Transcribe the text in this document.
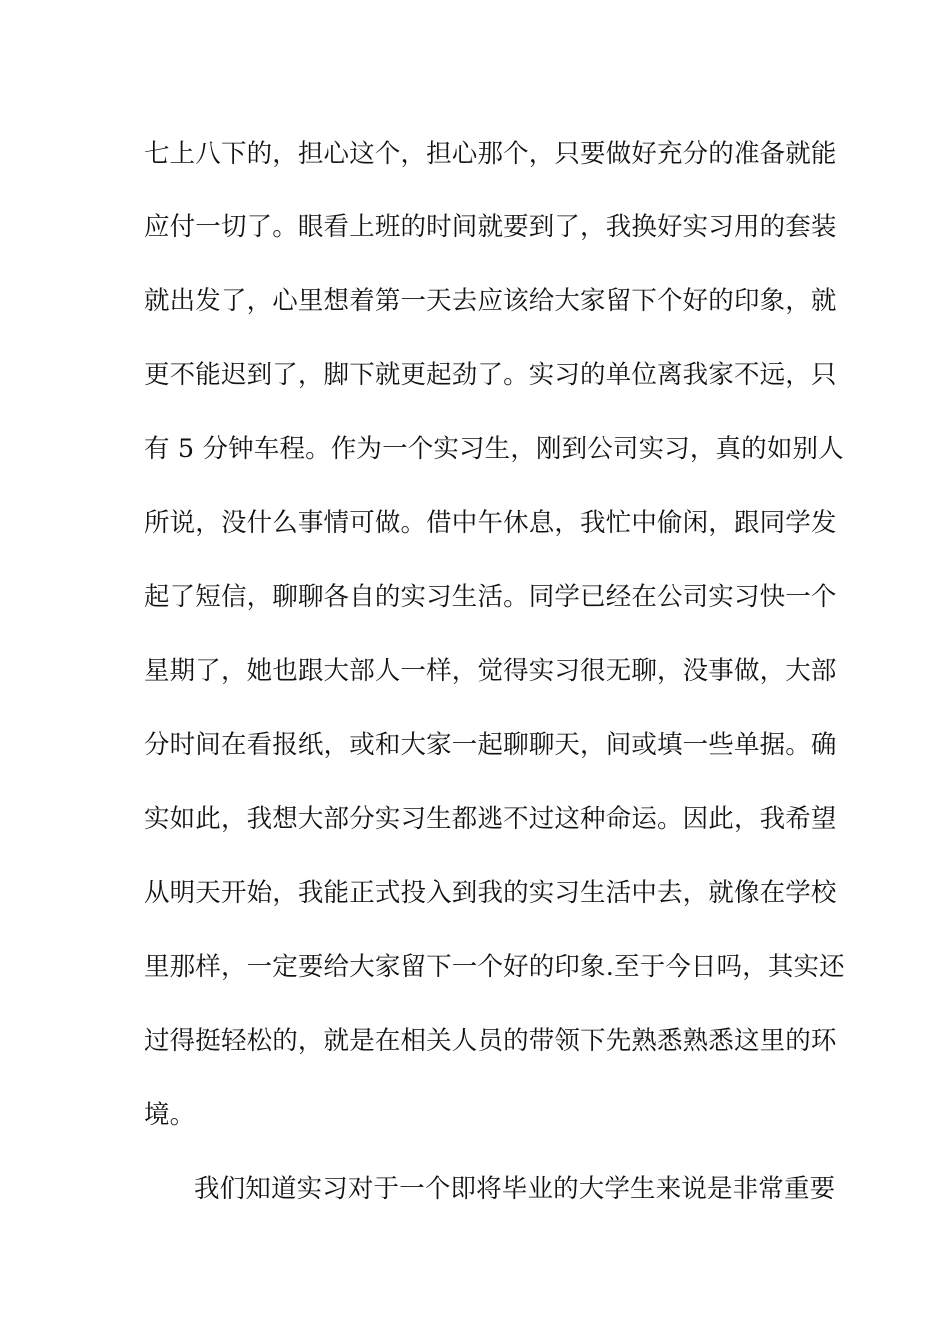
七上八下的，担心这个，担心那个，只要做好充分的准备就能
应付一切了。眼看上班的时间就要到了，我换好实习用的套装
就出发了，心里想着第一天去应该给大家留下个好的印象，就
更不能迟到了，脚下就更起劲了。实习的单位离我家不远，只
有 5 分钟车程。作为一个实习生，刚到公司实习，真的如别人
所说，没什么事情可做。借中午休息，我忙中偷闲，跟同学发
起了短信，聊聊各自的实习生活。同学已经在公司实习快一个
星期了，她也跟大部人一样，觉得实习很无聊，没事做，大部
分时间在看报纸，或和大家一起聊聊天，间或填一些单据。确
实如此，我想大部分实习生都逃不过这种命运。因此，我希望
从明天开始，我能正式投入到我的实习生活中去，就像在学校
里那样，一定要给大家留下一个好的印象.至于今日吗，其实还
过得挺轻松的，就是在相关人员的带领下先熟悉熟悉这里的环
境。
我们知道实习对于一个即将毕业的大学生来说是非常重要
